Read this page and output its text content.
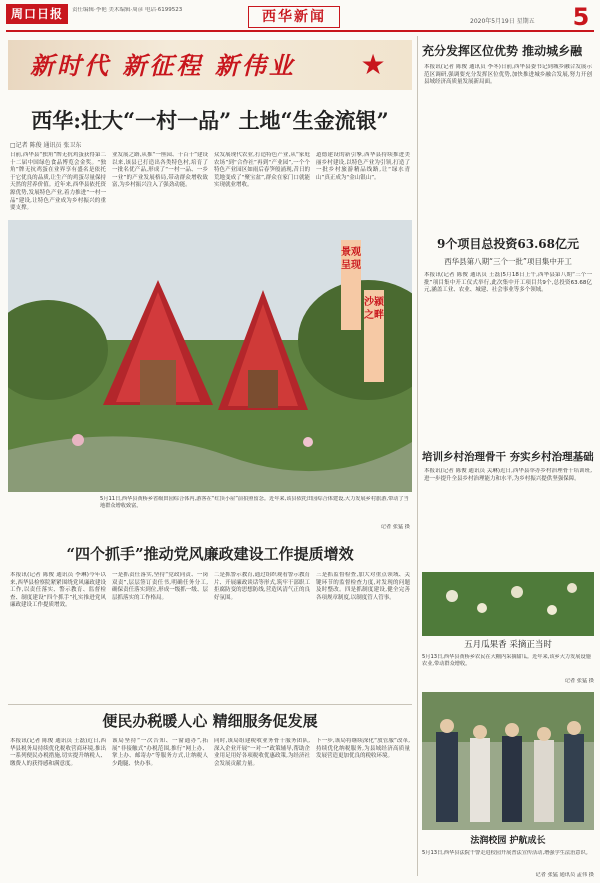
周口日报	责任编辑·李艳 美术编辑·周彦 电话·6199523	西华新闻	2020年5月19日 星期五	5
新时代 新征程 新伟业	★
西华:壮大“一村一品” 土地“生金流银”
□记者 陈俊 通讯员 张卫东
日前,西华县“独角”牌无抗鸡蛋获得第二十二届中国绿色食品博览会金奖。“独角”牌无抗鸡蛋在业界享有盛名是依托于它优良的品质,让生产的鸡蛋尽量保持天然的营养价值。近年来,西华县依托资源优势,发展特色产业,着力推进“一村一品”建设,让特色产业成为乡村振兴的重要支撑。
业发展之路,从推“一座园、十百千”建设以来,该县已打造出各类特色村,培育了一批名优产品,形成了“一村一品、一乡一业”的产业发展格局,带动群众增收致富,为乡村振兴注入了强劲动能。
众发展现代农业,打造特色产业,从“家庭农场”到“合作社”再到“产业园”,一个个特色产业园区如雨后春笋般涌现,昔日的荒地变成了“聚宝盆”,群众在家门口就能实现就业增收。
道德建设的新引擎,西华县持续推进美丽乡村建设,以特色产业为引领,打造了一批乡村旅游精品线路,让“绿水青山”真正成为“金山银山”。
景观呈现
沙颍之畔
5月11日,西华县黄桥乡省级田园综合体内,游客在“红顶小屋”前拍照留念。近年来,该县依托田园综合体建设,大力发展乡村旅游,带动了当地群众增收致富。
记者 张猛 摄
“四个抓手”推动党风廉政建设工作提质增效
本报讯(记者 陈俊 通讯员 李琳)今年以来,西华县检察院紧紧围绕党风廉政建设工作,以责任落实、警示教育、监督检查、制度建设“四个抓手”扎实推进党风廉政建设工作提质增效。
一是抓责任落实,坚持“党政同责、一岗双责”,层层签订责任书,明确任务分工,确保责任落实到位,形成一级抓一级、层层抓落实的工作格局。
二是抓警示教育,通过组织观看警示教育片、开展廉政谈话等形式,筑牢干部职工拒腐防变的思想防线,营造风清气正的良好氛围。
三是抓监督检查,加大对重点领域、关键环节的监督检查力度,对发现的问题及时整改。四是抓制度建设,健全完善各项规章制度,以制度管人管事。
便民办税暖人心 精细服务促发展
本报讯(记者 陈俊 通讯员 王磊)近日,西华县税务局持续优化税收营商环境,推出一系列便民办税措施,切实提升纳税人、缴费人的获得感和满意度。
该局坚持“一次告知、一窗通办”,拓展“非接触式”办税范围,推行“网上办、掌上办、邮寄办”等服务方式,让纳税人少跑腿、快办事。
同时,该局组建税收业务骨干服务团队,深入企业开展“一对一”政策辅导,帮助企业用足用好各项税收优惠政策,为经济社会发展贡献力量。
下一步,该局将继续深化“放管服”改革,持续优化纳税服务,为县域经济高质量发展营造更加优良的税收环境。
充分发挥区位优势 推动城乡融
本报讯(记者 陈俊 通讯员 李冬)日前,西华县委书记到城乡融合发展示范区调研,强调要充分发挥区位优势,加快推进城乡融合发展,努力开创县域经济高质量发展新局面。
9个项目总投资63.68亿元
西华县第八期“三个一批”项目集中开工
本报讯(记者 陈俊 通讯员 王磊)5月18日上午,西华县第八期“三个一批”项目集中开工仪式举行,此次集中开工项目共9个,总投资63.68亿元,涵盖工业、农业、城建、社会事业等多个领域。
培训乡村治理骨干 夯实乡村治理基础
本报讯(记者 陈俊 通讯员 关琳)近日,西华县举办乡村治理骨干培训班,进一步提升全县乡村治理能力和水平,为乡村振兴提供坚强保障。
五月瓜果香 采摘正当时
5月13日,西华县黄桥乡农民在大棚内采摘甜瓜。近年来,该乡大力发展设施农业,带动群众增收。
记者 张猛 摄
法润校园 护航成长
5月13日,西华县法院干警走进校园开展普法宣传活动,增强学生法治意识。
记者 张猛 通讯员 孟伟 摄
